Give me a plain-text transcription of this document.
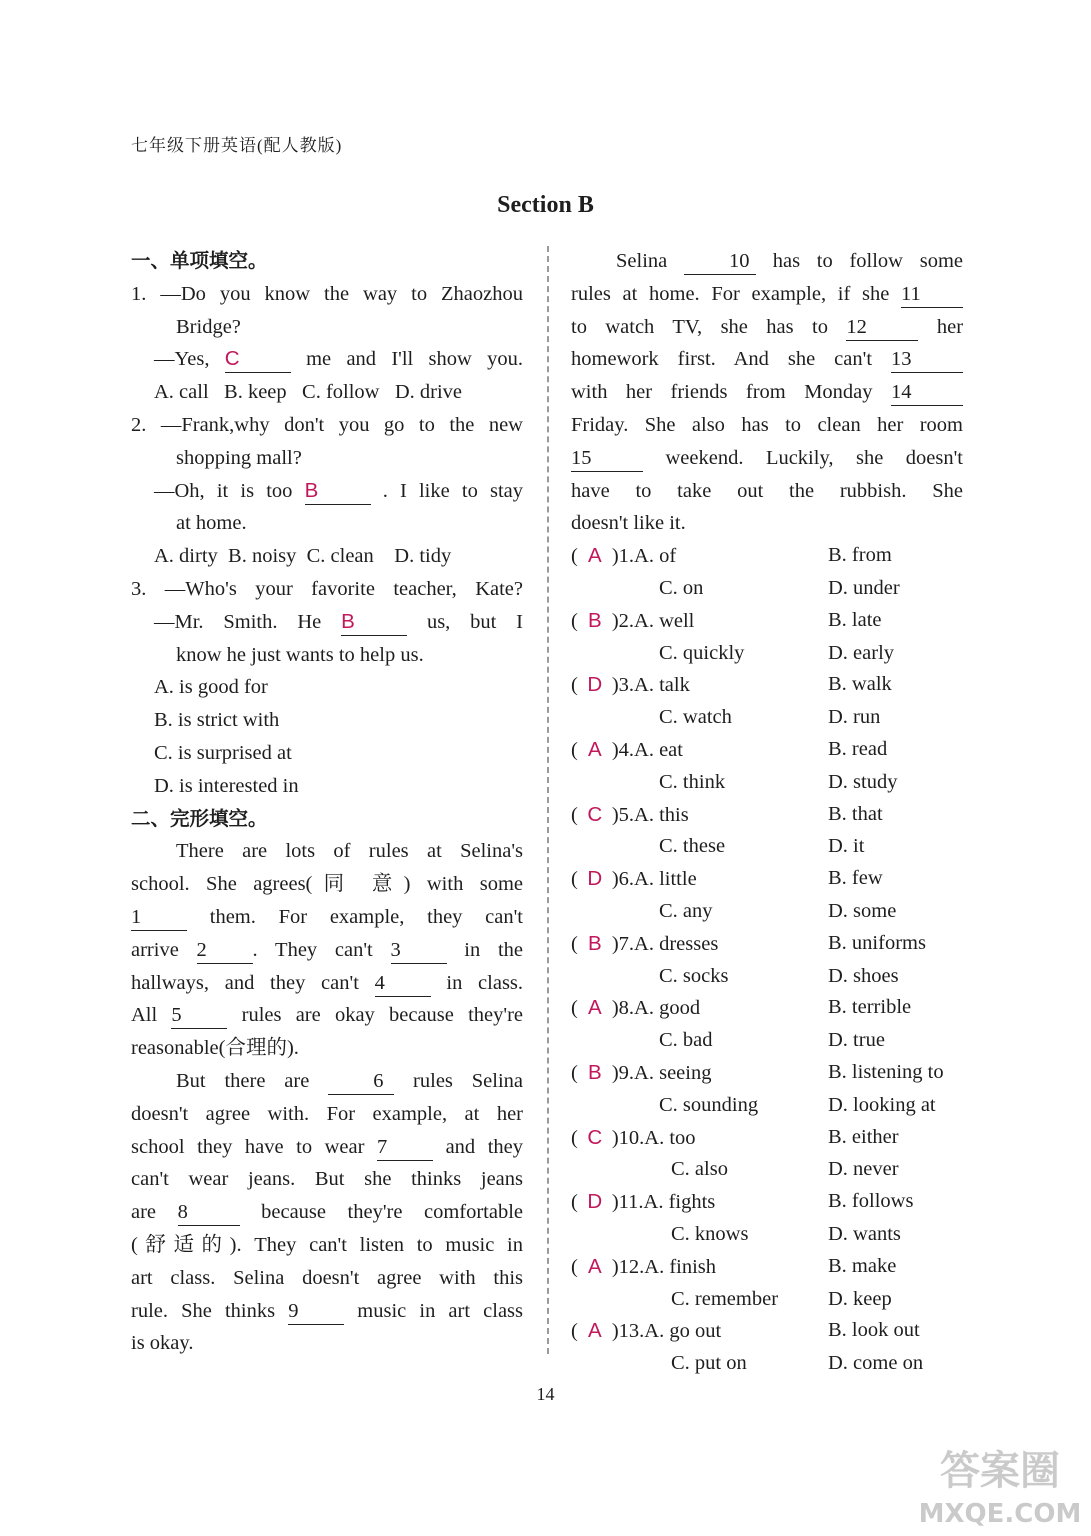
七年级下册英语(配人教版)
Section B
一、单项填空。
1. —Do you know the way to Zhaozhou
Bridge?
—Yes, C	me and I'll show you.
A. call   B. keep   C. follow   D. drive
2. —Frank,why don't you go to the new
shopping mall?
—Oh, it is too B	. I like to stay
at home.
A. dirty  B. noisy  C. clean    D. tidy
3. —Who's your favorite teacher, Kate?
—Mr. Smith. He B	us, but I
know he just wants to help us.
A. is good for
B. is strict with
C. is surprised at
D. is interested in
二、完形填空。
There are lots of rules at Selina's
school. She agrees(同 意) with some
1	them. For example, they can't
arrive 2 . They can't 3	in the
hallways, and they can't 4	in class.
All 5	rules are okay because they're
reasonable(合理的).
But there are	6 rules Selina
doesn't agree with. For example, at her
school they have to wear 7	and they
can't wear jeans. But she thinks jeans
are 8	because they're comfortable
(舒适的). They can't listen to music in
art class. Selina doesn't agree with this
rule. She thinks 9	music in art class
is okay.
Selina	10 has to follow some
rules at home. For example, if she 11
to watch TV, she has to 12	her
homework first. And she can't 13
with her friends from Monday 14
Friday. She also has to clean her room
15	weekend. Luckily, she doesn't
have to take out the rubbish. She
doesn't like it.
( A )1.A. of	B. from
C. on	D. under
( B )2.A. well	B. late
C. quickly	D. early
( D )3.A. talk	B. walk
C. watch	D. run
( A )4.A. eat	B. read
C. think	D. study
( C )5.A. this	B. that
C. these	D. it
( D )6.A. little	B. few
C. any	D. some
( B )7.A. dresses	B. uniforms
C. socks	D. shoes
( A )8.A. good	B. terrible
C. bad	D. true
( B )9.A. seeing	B. listening to
C. sounding	D. looking at
( C )10.A. too	B. either
C. also	D. never
( D )11.A. fights	B. follows
C. knows	D. wants
( A )12.A. finish	B. make
C. remember	D. keep
( A )13.A. go out	B. look out
C. put on	D. come on
14
答案圈
MXQE.COM
